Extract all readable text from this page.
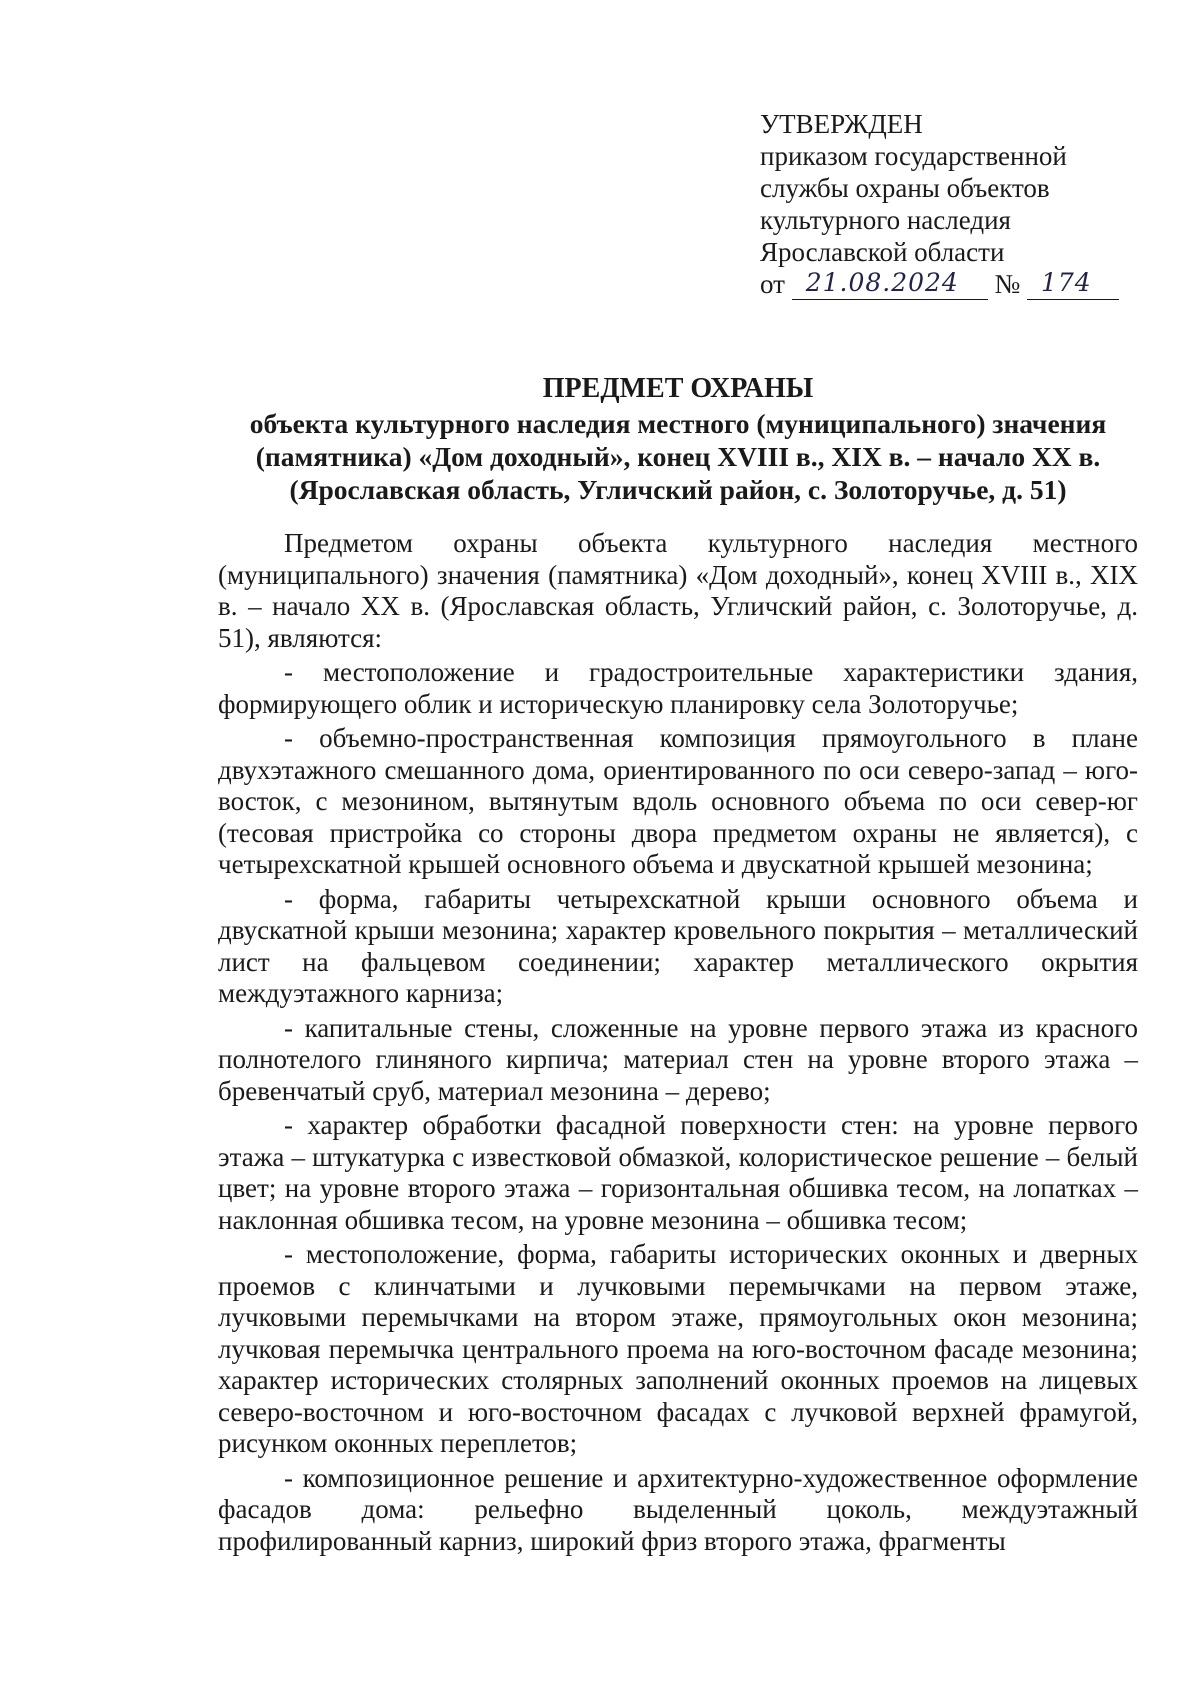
УТВЕРЖДЕН
приказом государственной
службы охраны объектов
культурного наследия
Ярославской области
от 21.08.2024 № 174
ПРЕДМЕТ ОХРАНЫ
объекта культурного наследия местного (муниципального) значения
(памятника) «Дом доходный», конец XVIII в., XIX в. – начало XX в.
(Ярославская область, Угличский район, с. Золоторучье, д. 51)

Предметом охраны объекта культурного наследия местного (муниципального) значения (памятника) «Дом доходный», конец XVIII в., XIX в. – начало XX в. (Ярославская область, Угличский район, с. Золоторучье, д. 51), являются:

- местоположение и градостроительные характеристики здания, формирующего облик и историческую планировку села Золоторучье;

- объемно-пространственная композиция прямоугольного в плане двухэтажного смешанного дома, ориентированного по оси северо-запад – юго-восток, с мезонином, вытянутым вдоль основного объема по оси север-юг (тесовая пристройка со стороны двора предметом охраны не является), с четырехскатной крышей основного объема и двускатной крышей мезонина;

- форма, габариты четырехскатной крыши основного объема и двускатной крыши мезонина; характер кровельного покрытия – металлический лист на фальцевом соединении; характер металлического окрытия междуэтажного карниза;

- капитальные стены, сложенные на уровне первого этажа из красного полнотелого глиняного кирпича; материал стен на уровне второго этажа – бревенчатый сруб, материал мезонина – дерево;

- характер обработки фасадной поверхности стен: на уровне первого этажа – штукатурка с известковой обмазкой, колористическое решение – белый цвет; на уровне второго этажа – горизонтальная обшивка тесом, на лопатках – наклонная обшивка тесом, на уровне мезонина – обшивка тесом;

- местоположение, форма, габариты исторических оконных и дверных проемов с клинчатыми и лучковыми перемычками на первом этаже, лучковыми перемычками на втором этаже, прямоугольных окон мезонина; лучковая перемычка центрального проема на юго-восточном фасаде мезонина; характер исторических столярных заполнений оконных проемов на лицевых северо-восточном и юго-восточном фасадах с лучковой верхней фрамугой, рисунком оконных переплетов;

- композиционное решение и архитектурно-художественное оформление фасадов дома: рельефно выделенный цоколь, междуэтажный профилированный карниз, широкий фриз второго этажа, фрагменты
